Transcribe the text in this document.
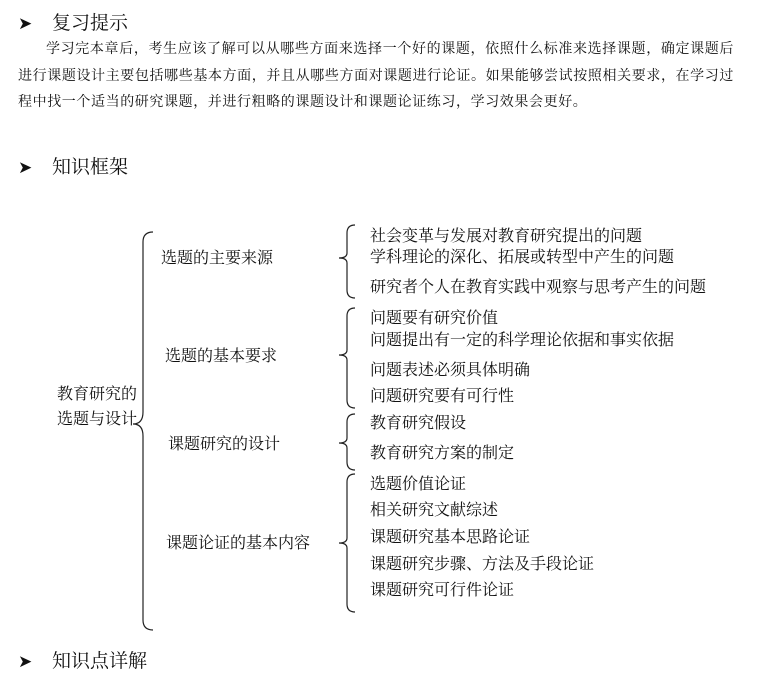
➤ 复习提示

学习完本章后，考生应该了解可以从哪些方面来选择一个好的课题，依照什么标准来选择课题，确定课题后进行课题设计主要包括哪些基本方面，并且从哪些方面对课题进行论证。如果能够尝试按照相关要求，在学习过程中找一个适当的研究课题，并进行粗略的课题设计和课题论证练习，学习效果会更好。

➤ 知识框架
教育研究的选题与设计
选题的主要来源
选题的基本要求
课题研究的设计
课题论证的基本内容
社会变革与发展对教育研究提出的问题
学科理论的深化、拓展或转型中产生的问题
研究者个人在教育实践中观察与思考产生的问题
问题要有研究价值
问题提出有一定的科学理论依据和事实依据
问题表述必须具体明确
问题研究要有可行性
教育研究假设
教育研究方案的制定
选题价值论证
相关研究文献综述
课题研究基本思路论证
课题研究步骤、方法及手段论证
课题研究可行件论证
➤ 知识点详解
